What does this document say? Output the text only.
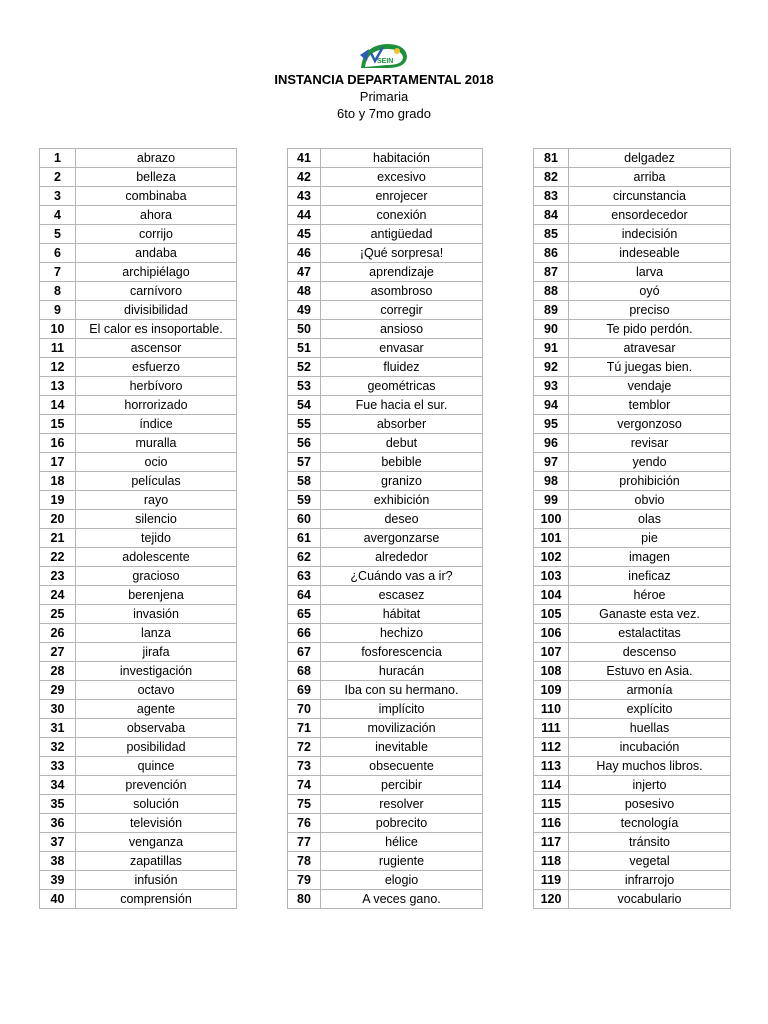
SEIN
INSTANCIA DEPARTAMENTAL 2018
Primaria
6to y 7mo grado
1	abrazo
2	belleza
3	combinaba
4	ahora
5	corrijo
6	andaba
7	archipiélago
8	carnívoro
9	divisibilidad
10	El calor es insoportable.
11	ascensor
12	esfuerzo
13	herbívoro
14	horrorizado
15	índice
16	muralla
17	ocio
18	películas
19	rayo
20	silencio
21	tejido
22	adolescente
23	gracioso
24	berenjena
25	invasión
26	lanza
27	jirafa
28	investigación
29	octavo
30	agente
31	observaba
32	posibilidad
33	quince
34	prevención
35	solución
36	televisión
37	venganza
38	zapatillas
39	infusión
40	comprensión
41	habitación
42	excesivo
43	enrojecer
44	conexión
45	antigüedad
46	¡Qué sorpresa!
47	aprendizaje
48	asombroso
49	corregir
50	ansioso
51	envasar
52	fluidez
53	geométricas
54	Fue hacia el sur.
55	absorber
56	debut
57	bebible
58	granizo
59	exhibición
60	deseo
61	avergonzarse
62	alrededor
63	¿Cuándo vas a ir?
64	escasez
65	hábitat
66	hechizo
67	fosforescencia
68	huracán
69	Iba con su hermano.
70	implícito
71	movilización
72	inevitable
73	obsecuente
74	percibir
75	resolver
76	pobrecito
77	hélice
78	rugiente
79	elogio
80	A veces gano.
81	delgadez
82	arriba
83	circunstancia
84	ensordecedor
85	indecisión
86	indeseable
87	larva
88	oyó
89	preciso
90	Te pido perdón.
91	atravesar
92	Tú juegas bien.
93	vendaje
94	temblor
95	vergonzoso
96	revisar
97	yendo
98	prohibición
99	obvio
100	olas
101	pie
102	imagen
103	ineficaz
104	héroe
105	Ganaste esta vez.
106	estalactitas
107	descenso
108	Estuvo en Asia.
109	armonía
110	explícito
111	huellas
112	incubación
113	Hay muchos libros.
114	injerto
115	posesivo
116	tecnología
117	tránsito
118	vegetal
119	infrarrojo
120	vocabulario
